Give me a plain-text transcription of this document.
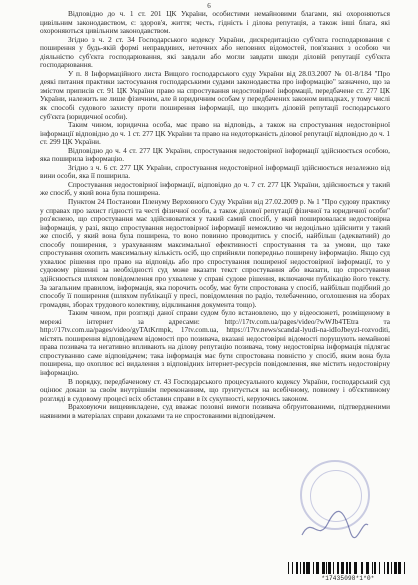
6

Відповідно до ч. 1 ст. 201 ЦК України, особистими немайновими благами, які охороняються цивільним законодавством, є: здоров'я, життя; честь, гідність і ділова репутація, а також інші блага, які охороняються цивільним законодавством.

Згідно з ч. 2 ст. 34 Господарського кодексу України, дискредитацією суб'єкта господарювання є поширення у будь-якій формі неправдивих, неточних або неповних відомостей, пов'язаних з особою чи діяльністю суб'єкта господарювання, які завдали або могли завдати шкоди діловій репутації суб'єкта господарювання.

У п. 8 Інформаційного листа Вищого господарського суду України від 28.03.2007 № 01-8/184 "Про деякі питання практики застосування господарськими судами законодавства про інформацію" зазначено, що за змістом приписів ст. 91 ЦК України право на спростування недостовірної інформації, передбачене ст. 277 ЦК України, належить не лише фізичним, але й юридичним особам у передбачених законом випадках, у тому числі як способі судового захисту проти поширення інформації, що шкодить діловій репутації господарського суб'єкта (юридичної особи).

Таким чином, юридична особа, має право на відповідь, а також на спростування недостовірної інформації відповідно до ч. 1 ст. 277 ЦК України та право на недоторканість ділової репутації відповідно до ч. 1 ст. 299 ЦК України.

Відповідно до ч. 4 ст. 277 ЦК України, спростування недостовірної інформації здійснюється особою, яка поширила інформацію.

Згідно з ч. 6 ст. 277 ЦК України, спростування недостовірної інформації здійснюється незалежно від вини особи, яка її поширила.

Спростування недостовірної інформації, відповідно до ч. 7 ст. 277 ЦК України, здійснюється у такий же спосіб, у який вона була поширена.

Пунктом 24 Постанови Пленуму Верховного Суду України від 27.02.2009 р. № 1 "Про судову практику у справах про захист гідності та честі фізичної особи, а також ділової репутації фізичної та юридичної особи" роз'яснено, що спростування має здійснюватися у такий самий спосіб, у який поширювалася недостовірна інформація, у разі, якщо спростування недостовірної інформації неможливо чи недоцільно здійснити у такий же спосіб, у який вона була поширена, то воно повинно проводитись у спосіб, найбільш (адекватний) до способу поширення, з урахуванням максимальної ефективності спростування та за умови, що таке спростування охопить максимальну кількість осіб, що сприйняли попередньо поширену інформацію. Якщо суд ухвалює рішення про право на відповідь або про спростування поширеної недостовірної інформації, то у судовому рішенні за необхідності суд може вказати текст спростування або вказати, що спростування здійснюється шляхом повідомлення про ухвалене у справі судове рішення, включаючи публікацію його тексту. За загальним правилом, інформація, яка порочить особу, має бути спростована у спосіб, найбільш подібний до способу її поширення (шляхом публікації у пресі, повідомлення по радіо, телебаченню, оголошення на зборах громадян, зборах трудового колективу, відкликання документа тощо).

Таким чином, при розгляді даної справи судом було встановлено, що у відеосюжеті, розміщеному в мережі інтернет за адресами: http://17tv.com.ua/pages/video/?wWJb4TEtra та http://17tv.com.ua/pages/video/gyTAtKrmpk, 17tv.com.ua, https://17tv.news/scandal-lyudi-na-idIoJbeyzl-rozvoditi, містять поширення відповідачем відомості про позивача, вказані недостовірні відомості порушують немайнові права позивача та негативно впливають на ділову репутацію позивача, тому недостовірна інформація підлягає спростуванню саме відповідачем; така інформація має бути спростована повністю у спосіб, яким вона була поширена, що охоплює всі видалення з відповідних інтернет-ресурсів повідомлення, яке містить недостовірну інформацію.

В порядку, передбаченому ст. 43 Господарського процесуального кодексу України, господарський суд оцінює докази за своїм внутрішнім переконанням, що ґрунтується на всебічному, повному і об'єктивному розгляді в судовому процесі всіх обставин справи в їх сукупності, керуючись законом.

Враховуючи вищевикладене, суд вважає позовні вимоги позивача обґрунтованими, підтвердженими наявними в матеріалах справи доказами та не спростованими відповідачем.

*17435098*1*0*
